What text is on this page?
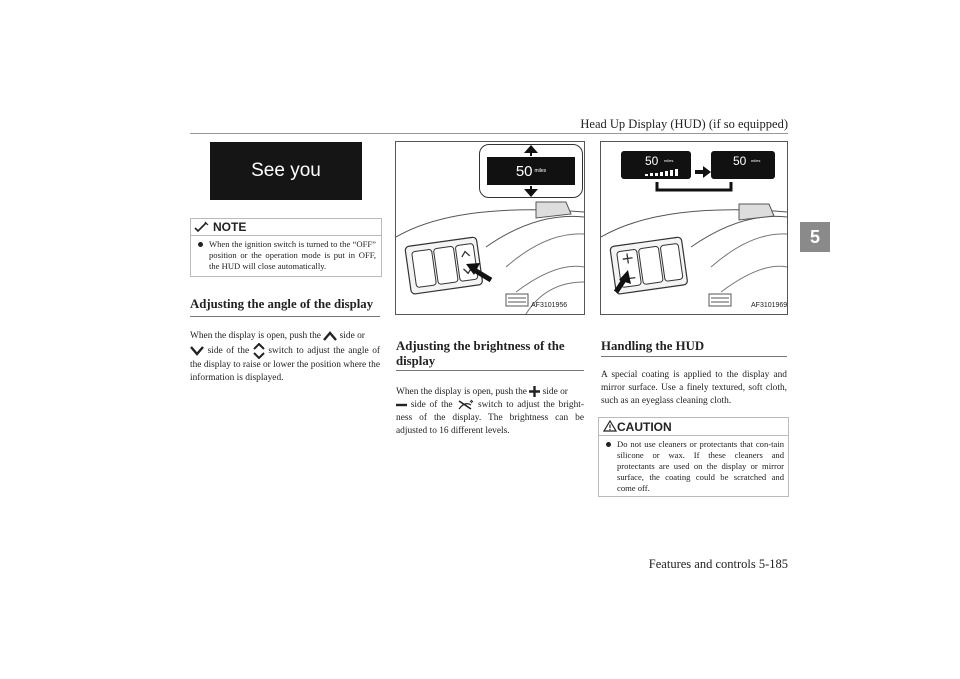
Head Up Display (HUD) (if so equipped)
5
See you
NOTE

When the ignition switch is turned to the “OFF” position or the operation mode is put in OFF, the HUD will close automatically.

Adjusting the angle of the display
When the display is open, push the side or
side of the switch to adjust the angle of the display to raise or lower the position where the information is displayed.
50 miles
AF3101956
Adjusting the brightness of the display
When the display is open, push the side or
side of the	switch to adjust the bright-ness of the display. The brightness can be adjusted to 16 different levels.
50 miles	50 miles
AF3101969
Handling the HUD
A special coating is applied to the display and mirror surface. Use a finely textured, soft cloth, such as an eyeglass cleaning cloth.
CAUTION

Do not use cleaners or protectants that con-tain silicone or wax. If these cleaners and protectants are used on the display or mirror surface, the coating could be scratched and come off.

Features and controls 5-185
